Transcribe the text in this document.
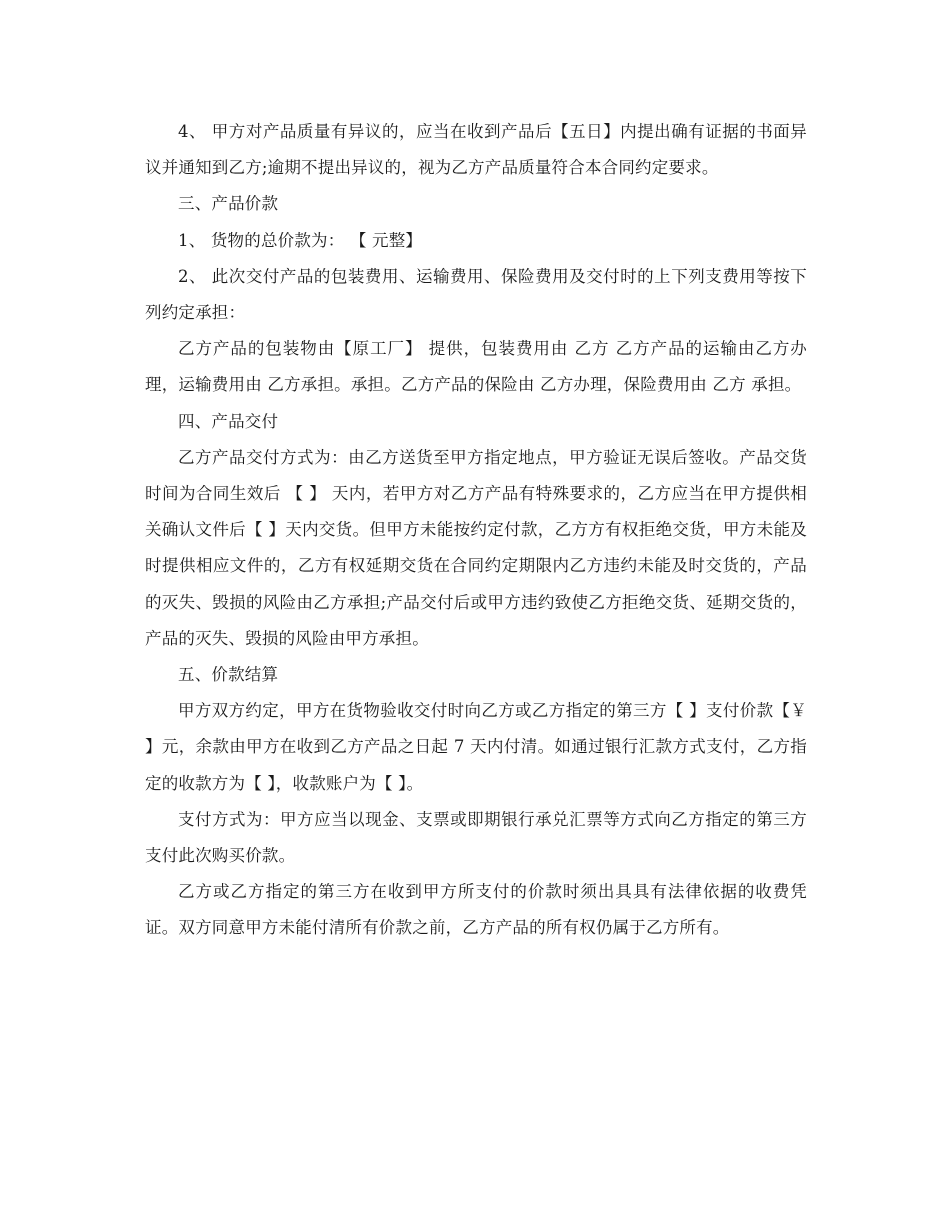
4、 甲方对产品质量有异议的，应当在收到产品后【五日】内提出确有证据的书面异议并通知到乙方;逾期不提出异议的，视为乙方产品质量符合本合同约定要求。

三、产品价款

1、 货物的总价款为： 【 元整】

2、 此次交付产品的包装费用、运输费用、保险费用及交付时的上下列支费用等按下列约定承担：

乙方产品的包装物由【原工厂】 提供，包装费用由 乙方 乙方产品的运输由乙方办理，运输费用由 乙方承担。承担。乙方产品的保险由 乙方办理，保险费用由 乙方 承担。

四、产品交付

乙方产品交付方式为：由乙方送货至甲方指定地点，甲方验证无误后签收。产品交货时间为合同生效后 【 】 天内，若甲方对乙方产品有特殊要求的，乙方应当在甲方提供相关确认文件后【 】天内交货。但甲方未能按约定付款，乙方方有权拒绝交货，甲方未能及时提供相应文件的，乙方有权延期交货在合同约定期限内乙方违约未能及时交货的，产品的灭失、毁损的风险由乙方承担;产品交付后或甲方违约致使乙方拒绝交货、延期交货的，产品的灭失、毁损的风险由甲方承担。

五、价款结算

甲方双方约定，甲方在货物验收交付时向乙方或乙方指定的第三方【 】支付价款【￥ 】元，余款由甲方在收到乙方产品之日起 7 天内付清。如通过银行汇款方式支付，乙方指定的收款方为【 】，收款账户为【 】。

支付方式为：甲方应当以现金、支票或即期银行承兑汇票等方式向乙方指定的第三方支付此次购买价款。

乙方或乙方指定的第三方在收到甲方所支付的价款时须出具具有法律依据的收费凭证。双方同意甲方未能付清所有价款之前，乙方产品的所有权仍属于乙方所有。
